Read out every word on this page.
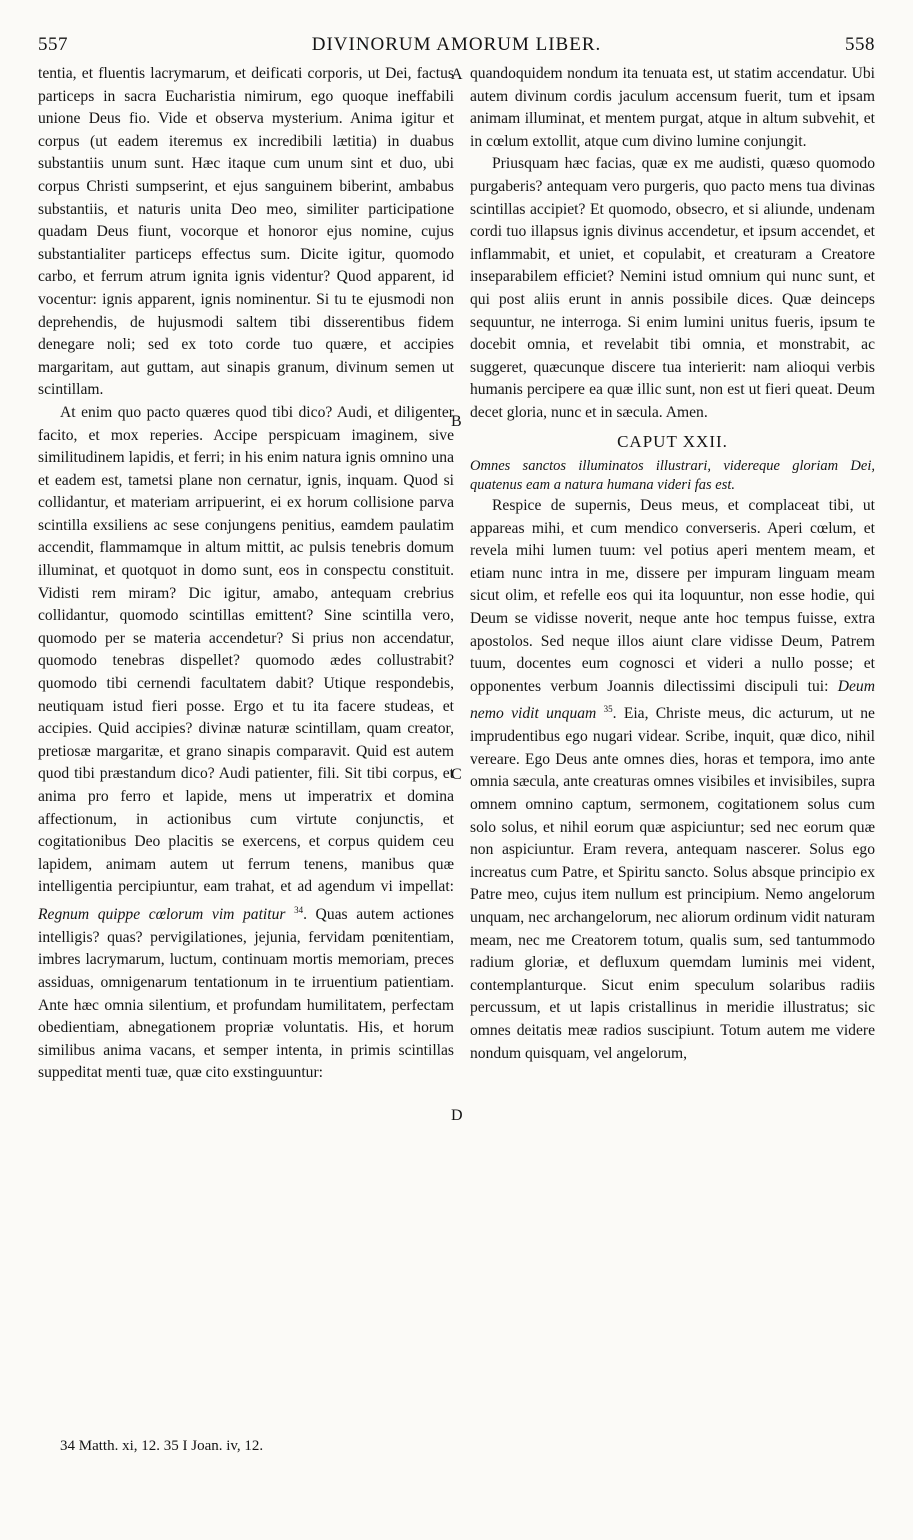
557	DIVINORUM AMORUM LIBER.	558

tentia, et fluentis lacrymarum, et deificati corporis, ut Dei, factus particeps in sacra Eucharistia nimirum, ego quoque ineffabili unione Deus fio. Vide et observa mysterium. Anima igitur et corpus (ut eadem iteremus ex incredibili lætitia) in duabus substantiis unum sunt. Hæc itaque cum unum sint et duo, ubi corpus Christi sumpserint, et ejus sanguinem biberint, ambabus substantiis, et naturis unita Deo meo, similiter participatione quadam Deus fiunt, vocorque et honoror ejus nomine, cujus substantialiter particeps effectus sum. Dicite igitur, quomodo carbo, et ferrum atrum ignita ignis videntur? Quod apparent, id vocentur: ignis apparent, ignis nominentur. Si tu te ejusmodi non deprehendis, de hujusmodi saltem tibi disserentibus fidem denegare noli; sed ex toto corde tuo quære, et accipies margaritam, aut guttam, aut sinapis granum, divinum semen ut scintillam.

At enim quo pacto quæres quod tibi dico? Audi, et diligenter facito, et mox reperies. Accipe perspicuam imaginem, sive similitudinem lapidis, et ferri; in his enim natura ignis omnino una et eadem est, tametsi plane non cernatur, ignis, inquam. Quod si collidantur, et materiam arripuerint, ei ex horum collisione parva scintilla exsiliens ac sese conjungens penitius, eamdem paulatim accendit, flammamque in altum mittit, ac pulsis tenebris domum illuminat, et quotquot in domo sunt, eos in conspectu constituit. Vidisti rem miram? Dic igitur, amabo, antequam crebrius collidantur, quomodo scintillas emittent? Sine scintilla vero, quomodo per se materia accendetur? Si prius non accendatur, quomodo tenebras dispellet? quomodo ædes collustrabit? quomodo tibi cernendi facultatem dabit? Utique respondebis, neutiquam istud fieri posse. Ergo et tu ita facere studeas, et accipies. Quid accipies? divinæ naturæ scintillam, quam creator, pretiosæ margaritæ, et grano sinapis comparavit. Quid est autem quod tibi præstandum dico? Audi patienter, fili. Sit tibi corpus, et anima pro ferro et lapide, mens ut imperatrix et domina affectionum, in actionibus cum virtute conjunctis, et cogitationibus Deo placitis se exercens, et corpus quidem ceu lapidem, animam autem ut ferrum tenens, manibus quæ intelligentia percipiuntur, eam trahat, et ad agendum vi impellat: Regnum quippe cœlorum vim patitur $^{34}$. Quas autem actiones intelligis? quas? pervigilationes, jejunia, fervidam pœnitentiam, imbres lacrymarum, luctum, continuam mortis memoriam, preces assiduas, omnigenarum tentationum in te irruentium patientiam. Ante hæc omnia silentium, et profundam humilitatem, perfectam obedientiam, abnegationem propriæ voluntatis. His, et horum similibus anima vacans, et semper intenta, in primis scintillas suppeditat menti tuæ, quæ cito exstinguuntur:

quandoquidem nondum ita tenuata est, ut statim accendatur. Ubi autem divinum cordis jaculum accensum fuerit, tum et ipsam animam illuminat, et mentem purgat, atque in altum subvehit, et in cœlum extollit, atque cum divino lumine conjungit.

Priusquam hæc facias, quæ ex me audisti, quæso quomodo purgaberis? antequam vero purgeris, quo pacto mens tua divinas scintillas accipiet? Et quomodo, obsecro, et si aliunde, undenam cordi tuo illapsus ignis divinus accendetur, et ipsum accendet, et inflammabit, et uniet, et copulabit, et creaturam a Creatore inseparabilem efficiet? Nemini istud omnium qui nunc sunt, et qui post aliis erunt in annis possibile dices. Quæ deinceps sequuntur, ne interroga. Si enim lumini unitus fueris, ipsum te docebit omnia, et revelabit tibi omnia, et monstrabit, ac suggeret, quæcunque discere tua interierit: nam alioqui verbis humanis percipere ea quæ illic sunt, non est ut fieri queat. Deum decet gloria, nunc et in sæcula. Amen.

CAPUT XXII.

Omnes sanctos illuminatos illustrari, videreque gloriam Dei, quatenus eam a natura humana videri fas est.

Respice de supernis, Deus meus, et complaceat tibi, ut appareas mihi, et cum mendico converseris. Aperi cœlum, et revela mihi lumen tuum: vel potius aperi mentem meam, et etiam nunc intra in me, dissere per impuram linguam meam sicut olim, et refelle eos qui ita loquuntur, non esse hodie, qui Deum se vidisse noverit, neque ante hoc tempus fuisse, extra apostolos. Sed neque illos aiunt clare vidisse Deum, Patrem tuum, docentes eum cognosci et videri a nullo posse; et opponentes verbum Joannis dilectissimi discipuli tui: Deum nemo vidit unquam $^{35}$. Eia, Christe meus, dic acturum, ut ne imprudentibus ego nugari videar. Scribe, inquit, quæ dico, nihil vereare. Ego Deus ante omnes dies, horas et tempora, imo ante omnia sæcula, ante creaturas omnes visibiles et invisibiles, supra omnem omnino captum, sermonem, cogitationem solus cum solo solus, et nihil eorum quæ aspiciuntur; sed nec eorum quæ non aspiciuntur. Eram revera, antequam nascerer. Solus ego increatus cum Patre, et Spiritu sancto. Solus absque principio ex Patre meo, cujus item nullum est principium. Nemo angelorum unquam, nec archangelorum, nec aliorum ordinum vidit naturam meam, nec me Creatorem totum, qualis sum, sed tantummodo radium gloriæ, et defluxum quemdam luminis mei vident, contemplanturque. Sicut enim speculum solaribus radiis percussum, et ut lapis cristallinus in meridie illustratus; sic omnes deitatis meæ radios suscipiunt. Totum autem me videre nondum quisquam, vel angelorum,

A
B
C
D
34 Matth. xi, 12. 35 I Joan. iv, 12.
